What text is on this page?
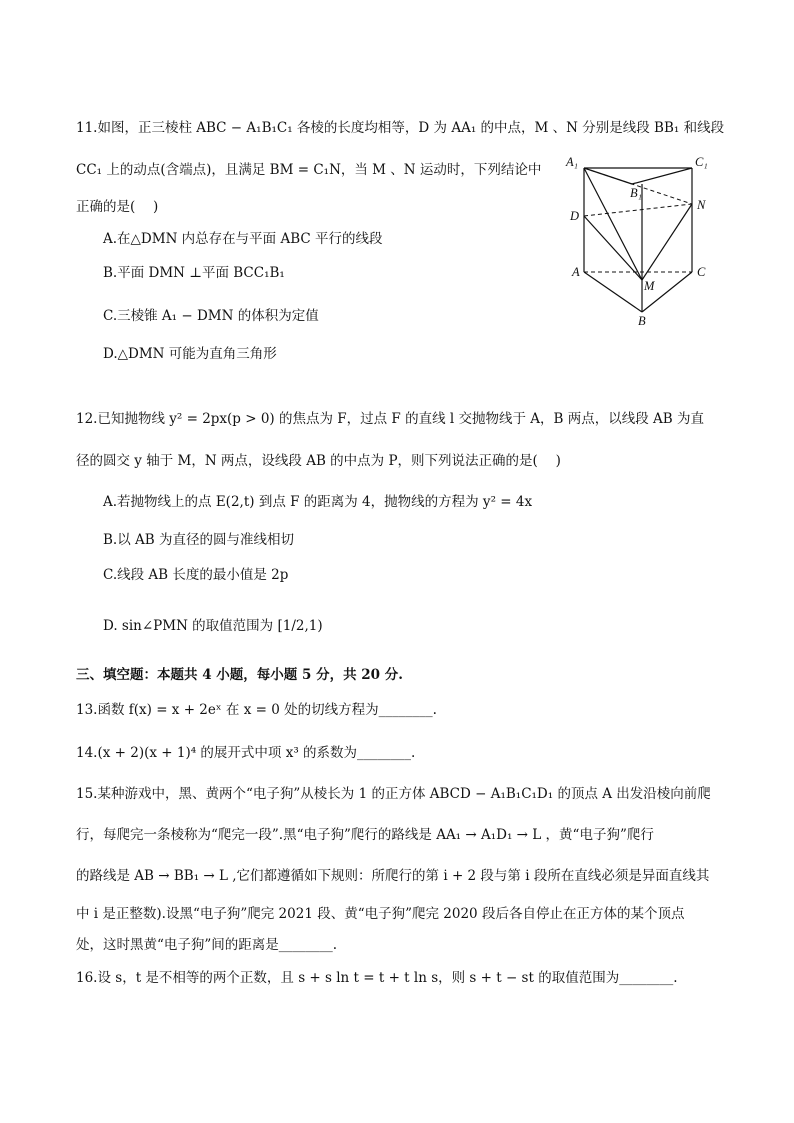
11.如图，正三棱柱 ABC − A₁B₁C₁ 各棱的长度均相等，D 为 AA₁ 的中点，M 、N 分别是线段 BB₁ 和线段
CC₁ 上的动点(含端点)，且满足 BM = C₁N，当 M 、N 运动时，下列结论中
正确的是(　 )
A.在△DMN 内总存在与平面 ABC 平行的线段
B.平面 DMN ⊥平面 BCC₁B₁
C.三棱锥 A₁ − DMN 的体积为定值
D.△DMN 可能为直角三角形
A₁	C₁
B₁
D
N
A	C
M
B
12.已知抛物线 y² = 2px(p > 0) 的焦点为 F，过点 F 的直线 l 交抛物线于 A，B 两点，以线段 AB 为直
径的圆交 y 轴于 M，N 两点，设线段 AB 的中点为 P，则下列说法正确的是(　 )
A.若抛物线上的点 E(2,t) 到点 F 的距离为 4，抛物线的方程为 y² = 4x
B.以 AB 为直径的圆与准线相切
C.线段 AB 长度的最小值是 2p
D. sin∠PMN 的取值范围为 [1/2,1)
三、填空题：本题共 4 小题，每小题 5 分，共 20 分.
13.函数 f(x) = x + 2eˣ 在 x = 0 处的切线方程为________.
14.(x + 2)(x + 1)⁴ 的展开式中项 x³ 的系数为________.
15.某种游戏中，黑、黄两个“电子狗”从棱长为 1 的正方体 ABCD − A₁B₁C₁D₁ 的顶点 A 出发沿棱向前爬
行，每爬完一条棱称为“爬完一段”.黑“电子狗”爬行的路线是 AA₁ → A₁D₁ → L ，黄“电子狗”爬行
的路线是 AB → BB₁ → L ,它们都遵循如下规则：所爬行的第 i + 2 段与第 i 段所在直线必须是异面直线其
中 i 是正整数).设黑“电子狗”爬完 2021 段、黄“电子狗”爬完 2020 段后各自停止在正方体的某个顶点
处，这时黑黄“电子狗”间的距离是________.
16.设 s，t 是不相等的两个正数，且 s + s ln t = t + t ln s，则 s + t − st 的取值范围为________.
